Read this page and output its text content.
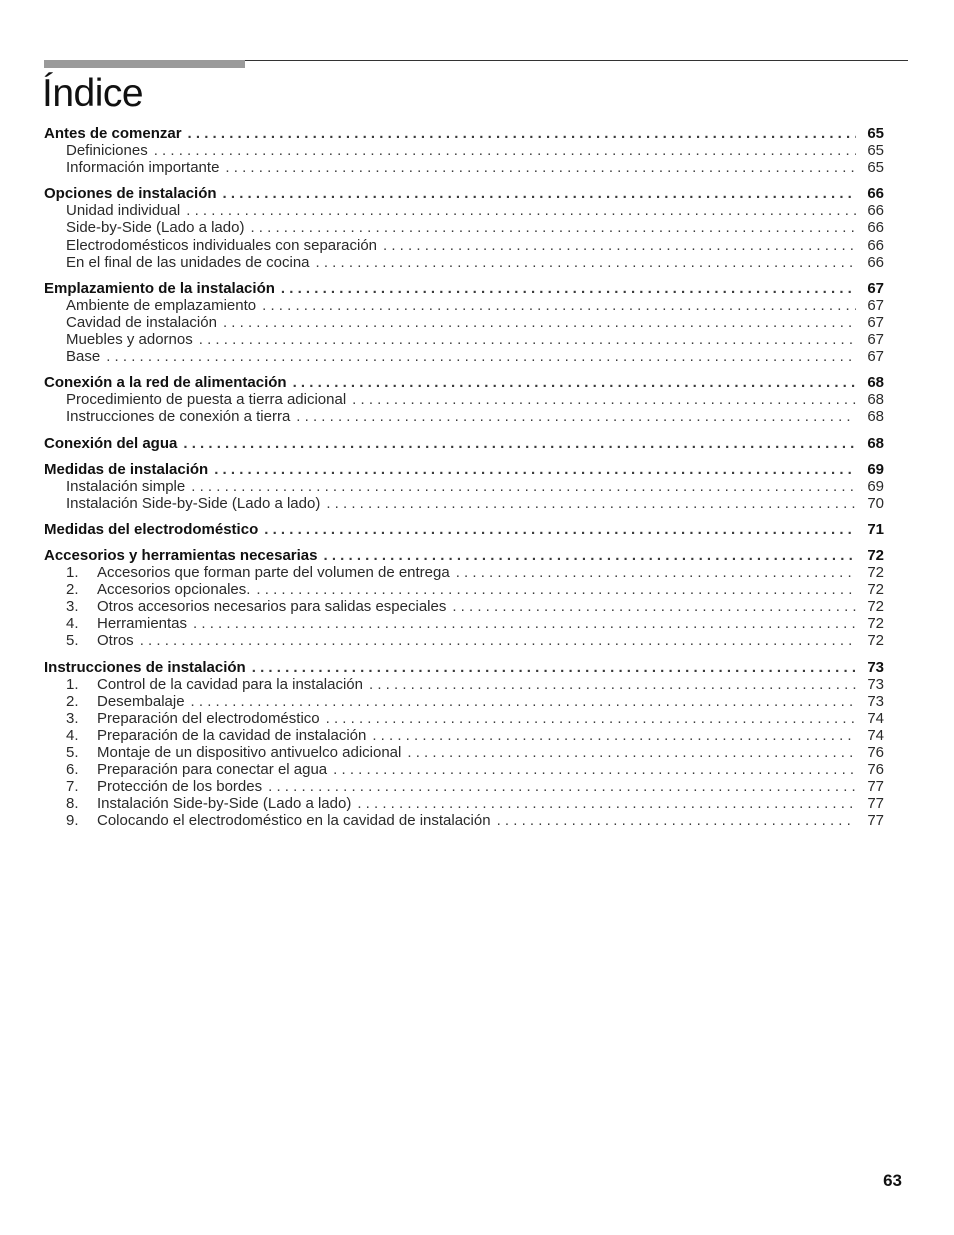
Índice
Antes de comenzar . . .	65
Definiciones . . .	65
Información importante . . .	65
Opciones de instalación . . .	66
Unidad individual . . .	66
Side-by-Side (Lado a lado) . . .	66
Electrodomésticos individuales con separación . . .	66
En el final de las unidades de cocina . . .	66
Emplazamiento de la instalación . . .	67
Ambiente de emplazamiento . . .	67
Cavidad de instalación . . .	67
Muebles y adornos . . .	67
Base . . .	67
Conexión a la red de alimentación . . .	68
Procedimiento de puesta a tierra adicional . . .	68
Instrucciones de conexión a tierra . . .	68
Conexión del agua . . .	68
Medidas de instalación . . .	69
Instalación simple . . .	69
Instalación Side-by-Side (Lado a lado) . . .	70
Medidas del electrodoméstico . . .	71
Accesorios y herramientas necesarias . . .	72
1.	Accesorios que forman parte del volumen de entrega . . .	72
2.	Accesorios opcionales. . . .	72
3.	Otros accesorios necesarios para salidas especiales . . .	72
4.	Herramientas . . .	72
5.	Otros . . .	72
Instrucciones de instalación . . .	73
1.	Control de la cavidad para la instalación . . .	73
2.	Desembalaje . . .	73
3.	Preparación del electrodoméstico . . .	74
4.	Preparación de la cavidad de instalación . . .	74
5.	Montaje de un dispositivo antivuelco adicional . . .	76
6.	Preparación para conectar el agua . . .	76
7.	Protección de los bordes . . .	77
8.	Instalación Side-by-Side (Lado a lado) . . .	77
9.	Colocando el electrodoméstico en la cavidad de instalación . . .	77
63
